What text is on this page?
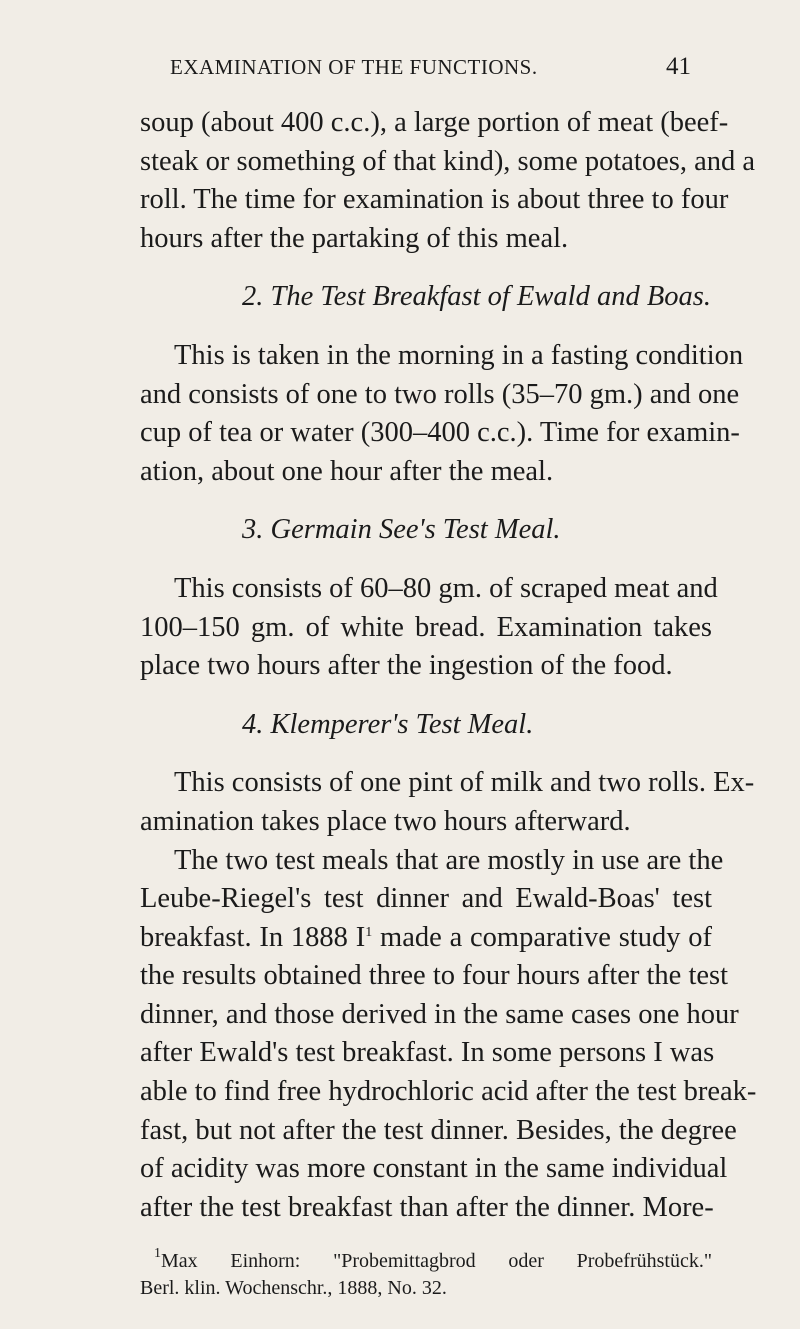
EXAMINATION OF THE FUNCTIONS.	41
soup (about 400 c.c.), a large portion of meat (beef-
steak or something of that kind), some potatoes, and a
roll. The time for examination is about three to four
hours after the partaking of this meal.
2. The Test Breakfast of Ewald and Boas.
This is taken in the morning in a fasting condition
and consists of one to two rolls (35–70 gm.) and one
cup of tea or water (300–400 c.c.). Time for examin-
ation, about one hour after the meal.
3. Germain See's Test Meal.
This consists of 60–80 gm. of scraped meat and
100–150 gm. of white bread. Examination takes
place two hours after the ingestion of the food.
4. Klemperer's Test Meal.
This consists of one pint of milk and two rolls. Ex-
amination takes place two hours afterward.
The two test meals that are mostly in use are the
Leube-Riegel's test dinner and Ewald-Boas' test
breakfast. In 1888 $I^1$ made a comparative study of
the results obtained three to four hours after the test
dinner, and those derived in the same cases one hour
after Ewald's test breakfast. In some persons I was
able to find free hydrochloric acid after the test break-
fast, but not after the test dinner. Besides, the degree
of acidity was more constant in the same individual
after the test breakfast than after the dinner. More-
$^1$Max Einhorn: "Probemittagbrod oder Probefrühstück."
Berl. klin. Wochenschr., 1888, No. 32.
